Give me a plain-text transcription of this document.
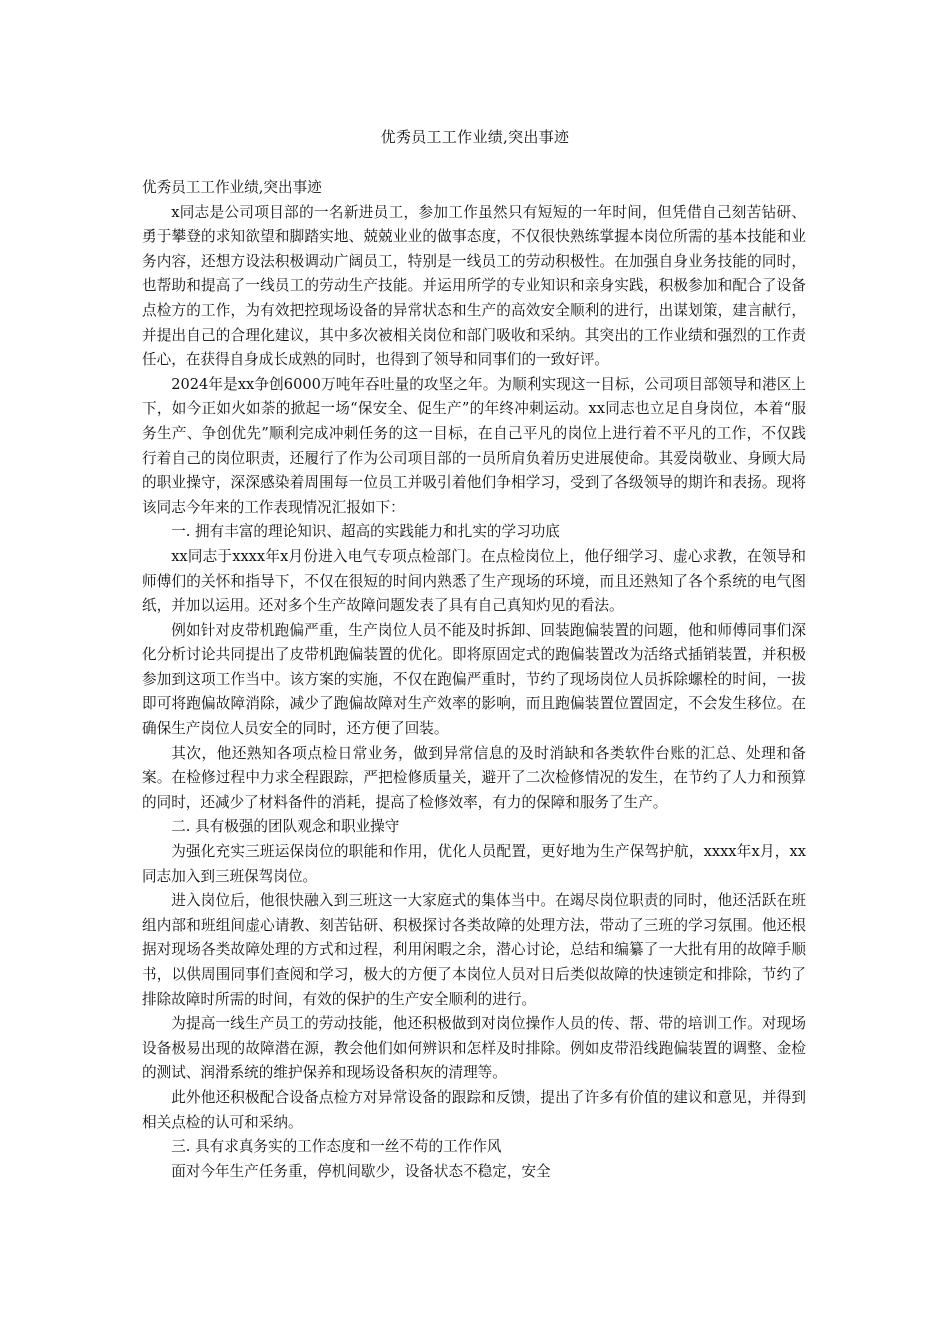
优秀员工工作业绩,突出事迹

优秀员工工作业绩,突出事迹

x同志是公司项目部的一名新进员工，参加工作虽然只有短短的一年时间，但凭借自己刻苦钻研、勇于攀登的求知欲望和脚踏实地、兢兢业业的做事态度，不仅很快熟练掌握本岗位所需的基本技能和业务内容，还想方设法积极调动广阔员工，特别是一线员工的劳动积极性。在加强自身业务技能的同时，也帮助和提高了一线员工的劳动生产技能。并运用所学的专业知识和亲身实践，积极参加和配合了设备点检方的工作，为有效把控现场设备的异常状态和生产的高效安全顺利的进行，出谋划策，建言献行，并提出自己的合理化建议，其中多次被相关岗位和部门吸收和采纳。其突出的工作业绩和强烈的工作责任心，在获得自身成长成熟的同时，也得到了领导和同事们的一致好评。

2024年是xx争创6000万吨年吞吐量的攻坚之年。为顺利实现这一目标，公司项目部领导和港区上下，如今正如火如荼的掀起一场“保安全、促生产”的年终冲刺运动。xx同志也立足自身岗位，本着“服务生产、争创优先”顺利完成冲刺任务的这一目标，在自己平凡的岗位上进行着不平凡的工作，不仅践行着自己的岗位职责，还履行了作为公司项目部的一员所肩负着历史进展使命。其爱岗敬业、身顾大局的职业操守，深深感染着周围每一位员工并吸引着他们争相学习，受到了各级领导的期许和表扬。现将该同志今年来的工作表现情况汇报如下：

一. 拥有丰富的理论知识、超高的实践能力和扎实的学习功底

xx同志于xxxx年x月份进入电气专项点检部门。在点检岗位上，他仔细学习、虚心求教，在领导和师傅们的关怀和指导下，不仅在很短的时间内熟悉了生产现场的环境，而且还熟知了各个系统的电气图纸，并加以运用。还对多个生产故障问题发表了具有自己真知灼见的看法。

例如针对皮带机跑偏严重，生产岗位人员不能及时拆卸、回装跑偏装置的问题，他和师傅同事们深化分析讨论共同提出了皮带机跑偏装置的优化。即将原固定式的跑偏装置改为活络式插销装置，并积极参加到这项工作当中。该方案的实施，不仅在跑偏严重时，节约了现场岗位人员拆除螺栓的时间，一拔即可将跑偏故障消除，减少了跑偏故障对生产效率的影响，而且跑偏装置位置固定，不会发生移位。在确保生产岗位人员安全的同时，还方便了回装。

其次，他还熟知各项点检日常业务，做到异常信息的及时消缺和各类软件台账的汇总、处理和备案。在检修过程中力求全程跟踪，严把检修质量关，避开了二次检修情况的发生，在节约了人力和预算的同时，还减少了材料备件的消耗，提高了检修效率，有力的保障和服务了生产。

二. 具有极强的团队观念和职业操守

为强化充实三班运保岗位的职能和作用，优化人员配置，更好地为生产保驾护航，xxxx年x月，xx同志加入到三班保驾岗位。

进入岗位后，他很快融入到三班这一大家庭式的集体当中。在竭尽岗位职责的同时，他还活跃在班组内部和班组间虚心请教、刻苦钻研、积极探讨各类故障的处理方法，带动了三班的学习氛围。他还根据对现场各类故障处理的方式和过程，利用闲暇之余，潜心讨论，总结和编纂了一大批有用的故障手顺书，以供周围同事们查阅和学习，极大的方便了本岗位人员对日后类似故障的快速锁定和排除，节约了排除故障时所需的时间，有效的保护的生产安全顺利的进行。

为提高一线生产员工的劳动技能，他还积极做到对岗位操作人员的传、帮、带的培训工作。对现场设备极易出现的故障潜在源，教会他们如何辨识和怎样及时排除。例如皮带沿线跑偏装置的调整、金检的测试、润滑系统的维护保养和现场设备积灰的清理等。

此外他还积极配合设备点检方对异常设备的跟踪和反馈，提出了许多有价值的建议和意见，并得到相关点检的认可和采纳。

三. 具有求真务实的工作态度和一丝不苟的工作作风

面对今年生产任务重，停机间歇少，设备状态不稳定，安全
